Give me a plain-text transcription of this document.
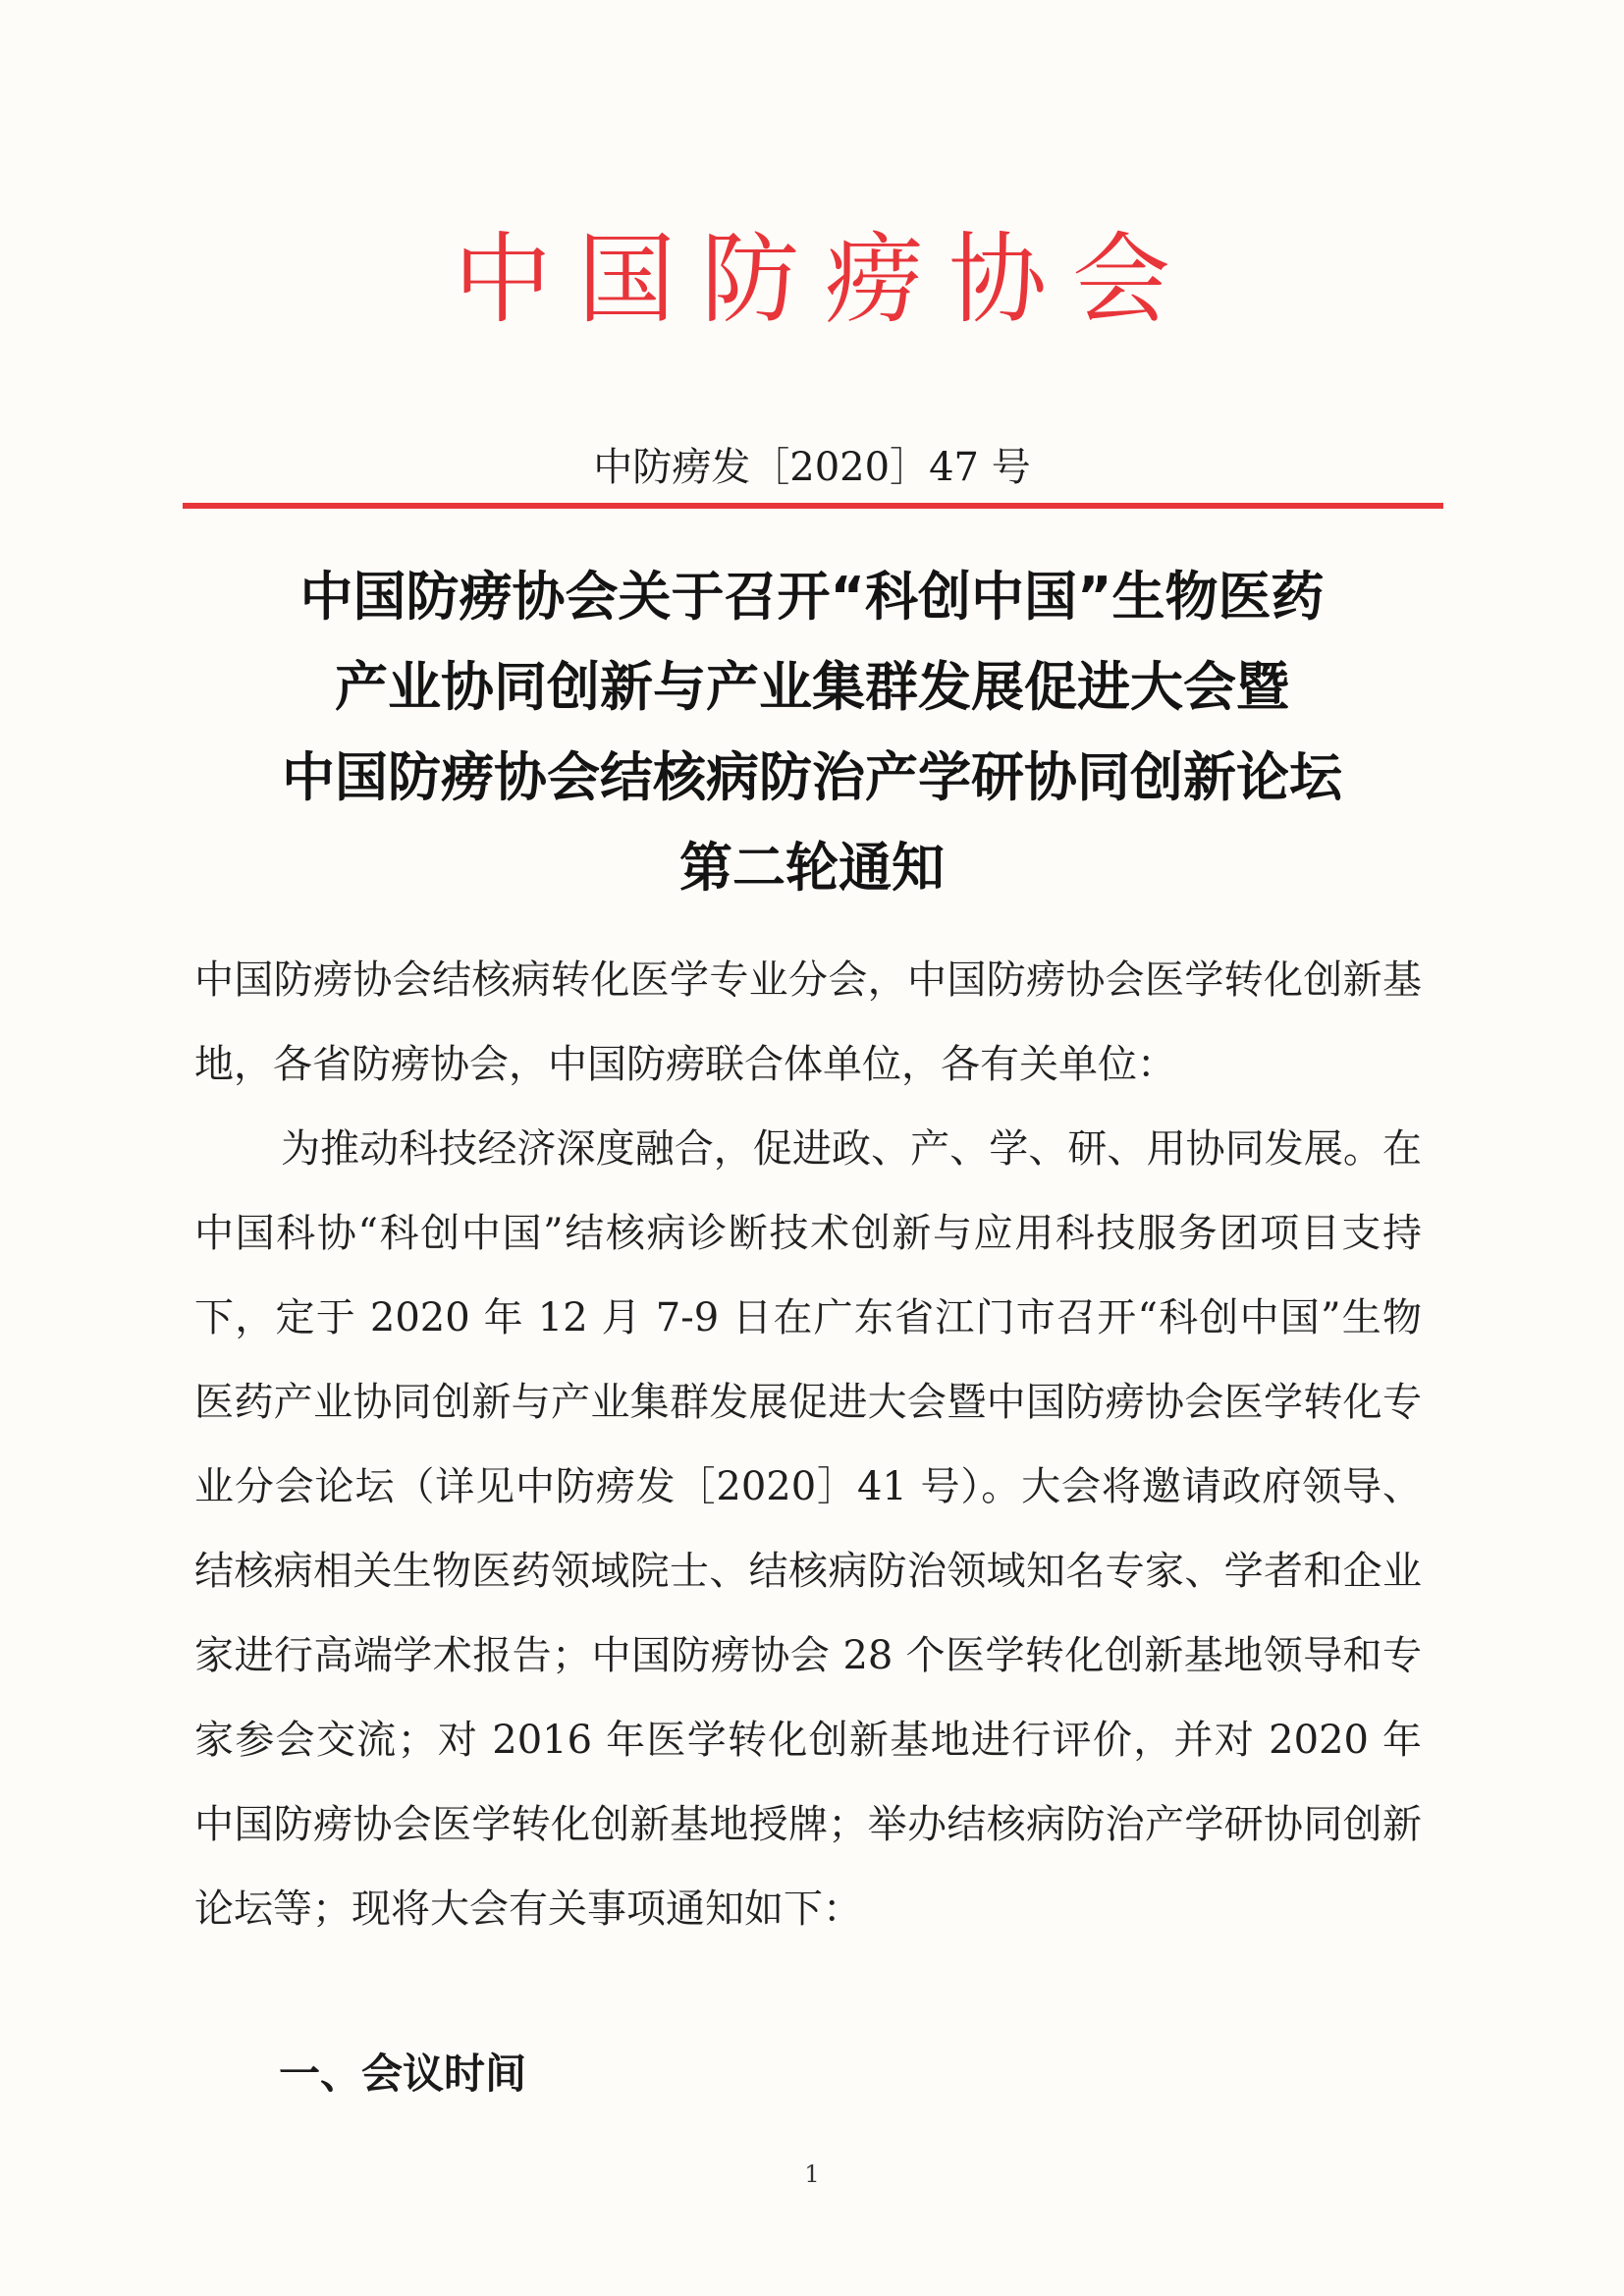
中国防痨协会
中防痨发［2020］47 号
中国防痨协会关于召开“科创中国”生物医药
产业协同创新与产业集群发展促进大会暨
中国防痨协会结核病防治产学研协同创新论坛
第二轮通知

中国防痨协会结核病转化医学专业分会，中国防痨协会医学转化创新基地，各省防痨协会，中国防痨联合体单位，各有关单位：

为推动科技经济深度融合，促进政、产、学、研、用协同发展。在中国科协“科创中国”结核病诊断技术创新与应用科技服务团项目支持下，定于 2020 年 12 月 7-9 日在广东省江门市召开“科创中国”生物医药产业协同创新与产业集群发展促进大会暨中国防痨协会医学转化专业分会论坛（详见中防痨发［2020］41 号）。大会将邀请政府领导、结核病相关生物医药领域院士、结核病防治领域知名专家、学者和企业家进行高端学术报告；中国防痨协会 28 个医学转化创新基地领导和专家参会交流；对 2016 年医学转化创新基地进行评价，并对 2020 年中国防痨协会医学转化创新基地授牌；举办结核病防治产学研协同创新论坛等；现将大会有关事项通知如下：

一、会议时间
1
